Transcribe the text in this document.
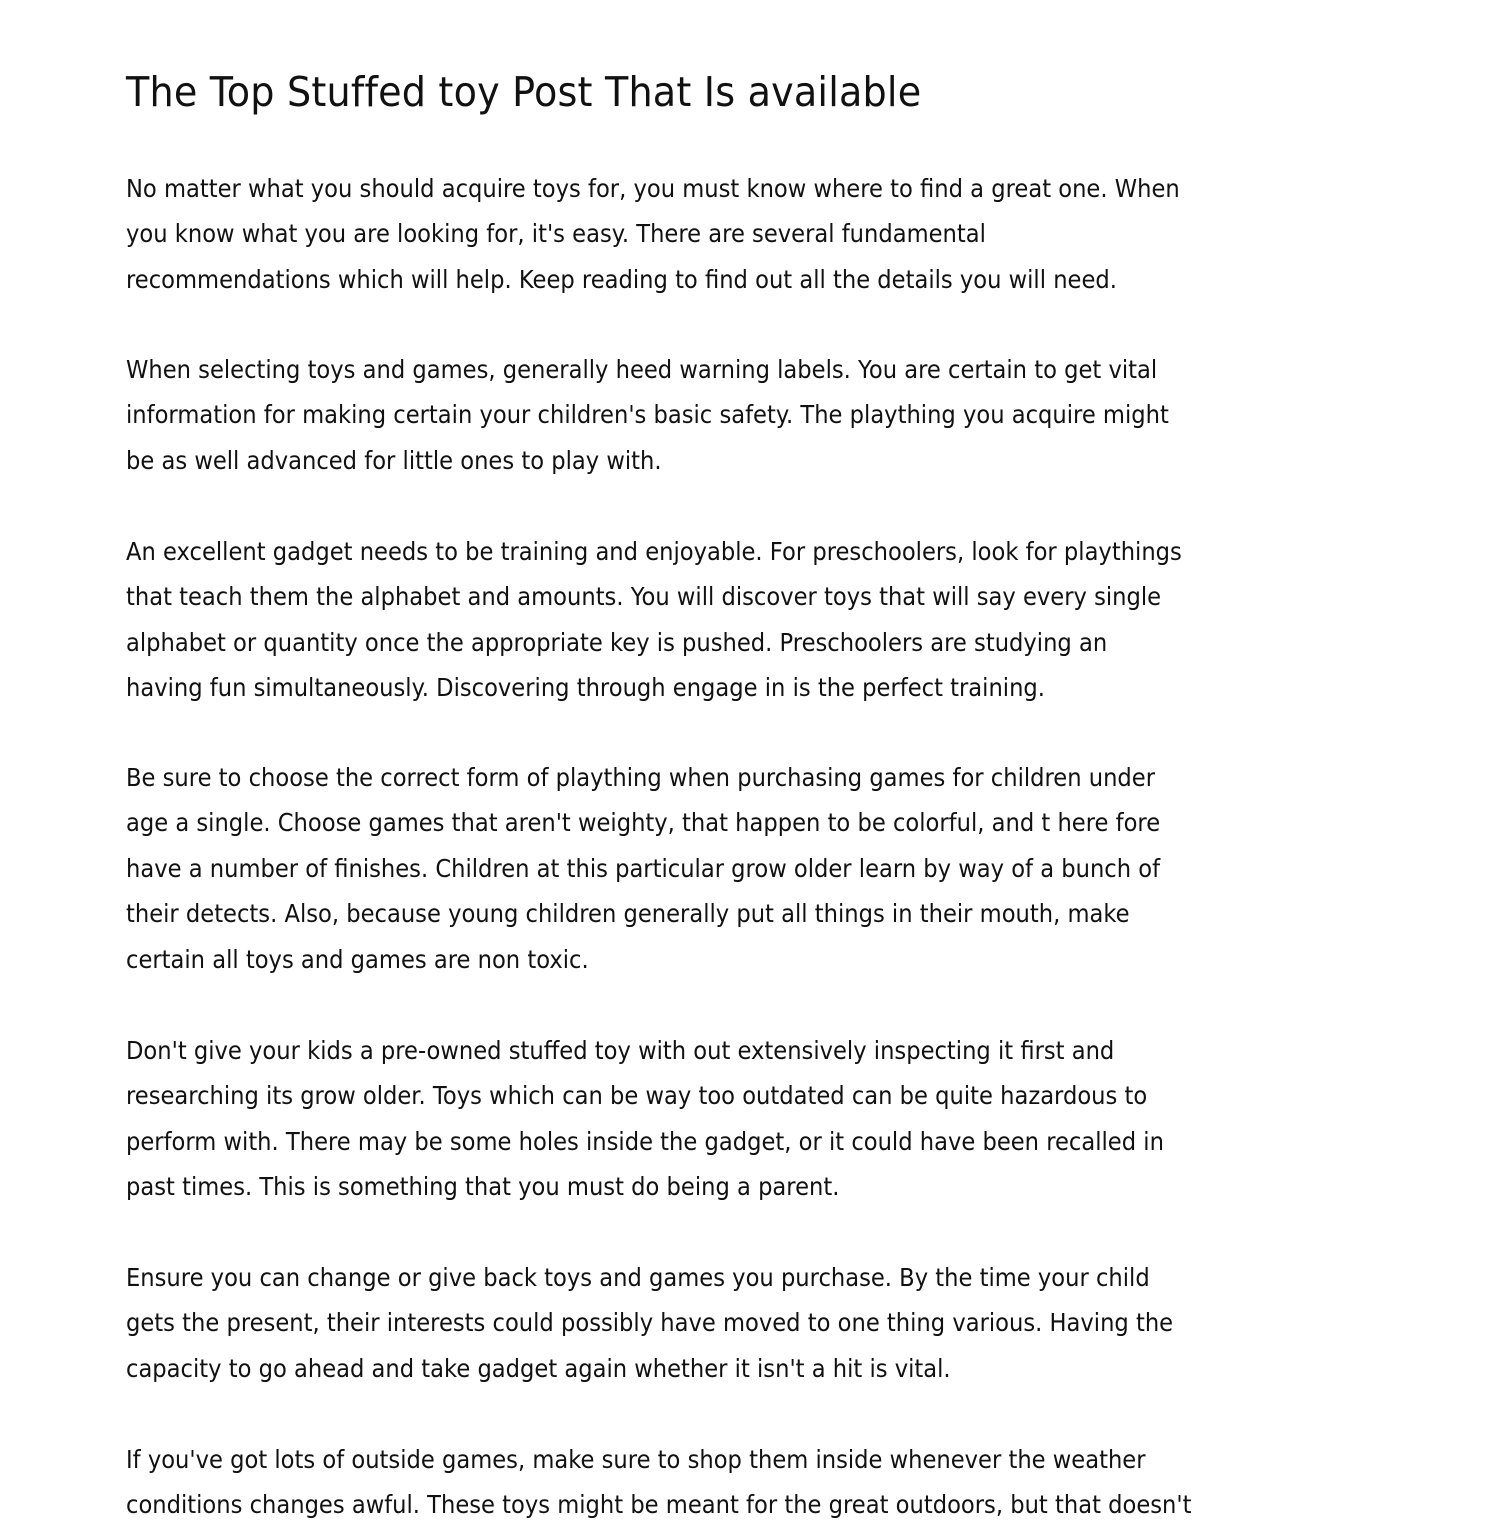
The Top Stuffed toy Post That Is available

No matter what you should acquire toys for, you must know where to find a great one. When
you know what you are looking for, it's easy. There are several fundamental
recommendations which will help. Keep reading to find out all the details you will need.

When selecting toys and games, generally heed warning labels. You are certain to get vital
information for making certain your children's basic safety. The plaything you acquire might
be as well advanced for little ones to play with.

An excellent gadget needs to be training and enjoyable. For preschoolers, look for playthings
that teach them the alphabet and amounts. You will discover toys that will say every single
alphabet or quantity once the appropriate key is pushed. Preschoolers are studying an
having fun simultaneously. Discovering through engage in is the perfect training.

Be sure to choose the correct form of plaything when purchasing games for children under
age a single. Choose games that aren't weighty, that happen to be colorful, and t here fore
have a number of finishes. Children at this particular grow older learn by way of a bunch of
their detects. Also, because young children generally put all things in their mouth, make
certain all toys and games are non toxic.

Don't give your kids a pre-owned stuffed toy with out extensively inspecting it first and
researching its grow older. Toys which can be way too outdated can be quite hazardous to
perform with. There may be some holes inside the gadget, or it could have been recalled in
past times. This is something that you must do being a parent.

Ensure you can change or give back toys and games you purchase. By the time your child
gets the present, their interests could possibly have moved to one thing various. Having the
capacity to go ahead and take gadget again whether it isn't a hit is vital.

If you've got lots of outside games, make sure to shop them inside whenever the weather
conditions changes awful. These toys might be meant for the great outdoors, but that doesn't
